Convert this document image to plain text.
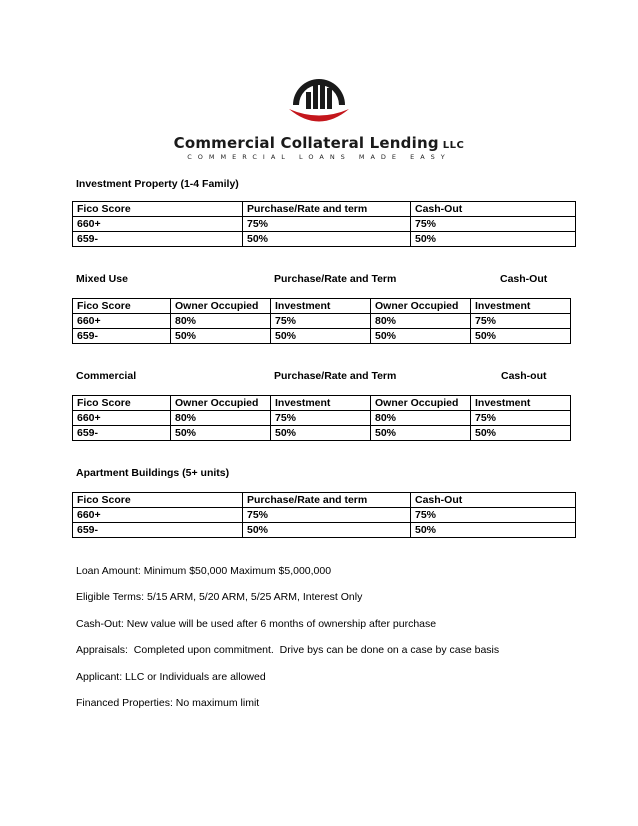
Commercial Collateral Lending LLC
COMMERCIAL LOANS MADE EASY
Investment Property (1-4 Family)
Fico Score	Purchase/Rate and term	Cash-Out
660+	75%	75%
659-	50%	50%
Mixed Use	Purchase/Rate and Term	Cash-Out
Fico Score	Owner Occupied	Investment	Owner Occupied	Investment
660+	80%	75%	80%	75%
659-	50%	50%	50%	50%
Commercial	Purchase/Rate and Term	Cash-out
Fico Score	Owner Occupied	Investment	Owner Occupied	Investment
660+	80%	75%	80%	75%
659-	50%	50%	50%	50%
Apartment Buildings (5+ units)
Fico Score	Purchase/Rate and term	Cash-Out
660+	75%	75%
659-	50%	50%
Loan Amount: Minimum $50,000 Maximum $5,000,000
Eligible Terms: 5/15 ARM, 5/20 ARM, 5/25 ARM, Interest Only
Cash-Out: New value will be used after 6 months of ownership after purchase
Appraisals:  Completed upon commitment.  Drive bys can be done on a case by case basis
Applicant: LLC or Individuals are allowed
Financed Properties: No maximum limit
